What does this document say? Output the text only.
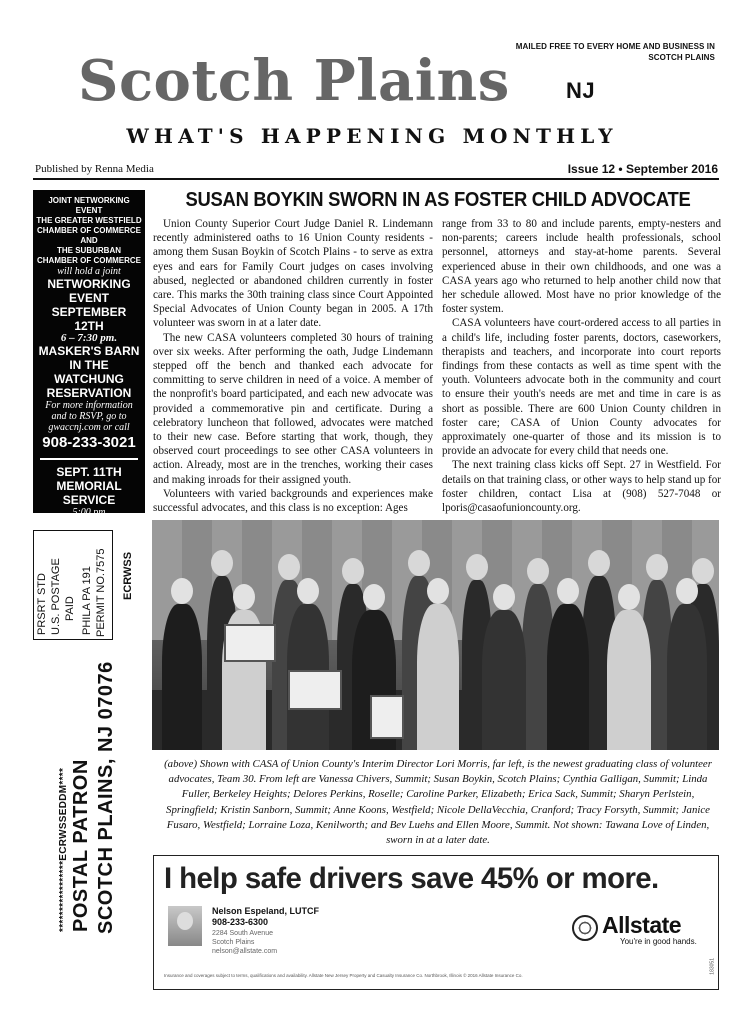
MAILED FREE TO EVERY HOME AND BUSINESS IN SCOTCH PLAINS
Scotch Plains	NJ
WHAT'S HAPPENING MONTHLY
Published by Renna Media	Issue 12 • September 2016
JOINT NETWORKING EVENT
THE GREATER WESTFIELD
CHAMBER OF COMMERCE
AND
THE SUBURBAN
CHAMBER OF COMMERCE
will hold a joint
NETWORKING EVENT
SEPTEMBER 12TH
6 – 7:30 pm.
MASKER'S BARN
IN THE WATCHUNG
RESERVATION
For more information
and to RSVP, go to
gwaccnj.com or call
908-233-3021
SEPT. 11TH
MEMORIAL SERVICE
5:00 pm
9/11 MEMORIAL
at the Alan Augustine
Green located at the
Municipal Building
PRSRT STD U.S. POSTAGE PAID PHILA PA 191 PERMIT NO.7575 ECRWSS
*****************ECRWSSEDDM**** POSTAL PATRON SCOTCH PLAINS, NJ 07076
SUSAN BOYKIN SWORN IN AS FOSTER CHILD ADVOCATE

Union County Superior Court Judge Daniel R. Lindemann recently administered oaths to 16 Union County residents - among them Susan Boykin of Scotch Plains - to serve as extra eyes and ears for Family Court judges on cases involving abused, neglected or abandoned children currently in foster care. This marks the 30th training class since Court Appointed Special Advocates of Union County began in 2005. A 17th volunteer was sworn in at a later date.

The new CASA volunteers completed 30 hours of training over six weeks. After performing the oath, Judge Lindemann stepped off the bench and thanked each advocate for committing to serve children in need of a voice. A member of the nonprofit's board participated, and each new advocate was provided a commemorative pin and certificate. During a celebratory luncheon that followed, advocates were matched to their new case. Before starting that work, though, they observed court proceedings to see other CASA volunteers in action. Already, most are in the trenches, working their cases and making inroads for their assigned youth.

Volunteers with varied backgrounds and experiences make successful advocates, and this class is no exception: Ages

range from 33 to 80 and include parents, empty-nesters and non-parents; careers include health professionals, school personnel, attorneys and stay-at-home parents. Several experienced abuse in their own childhoods, and one was a CASA years ago who returned to help another child now that her schedule allowed. Most have no prior knowledge of the foster system.

CASA volunteers have court-ordered access to all parties in a child's life, including foster parents, doctors, caseworkers, therapists and teachers, and incorporate into court reports findings from these contacts as well as time spent with the youth. Volunteers advocate both in the community and court to ensure their youth's needs are met and time in care is as short as possible. There are 600 Union County children in foster care; CASA of Union County advocates for approximately one-quarter of those and its mission is to provide an advocate for every child that needs one.

The next training class kicks off Sept. 27 in Westfield. For details on that training class, or other ways to help stand up for foster children, contact Lisa at (908) 527-7048 or lporis@casaofunioncounty.org.

(above) Shown with CASA of Union County's Interim Director Lori Morris, far left, is the newest graduating class of volunteer advocates, Team 30. From left are Vanessa Chivers, Summit; Susan Boykin, Scotch Plains; Cynthia Galligan, Summit; Linda Fuller, Berkeley Heights; Delores Perkins, Roselle; Caroline Parker, Elizabeth; Erica Sack, Summit; Sharyn Perlstein, Springfield; Kristin Sanborn, Summit; Anne Koons, Westfield; Nicole DellaVecchia, Cranford; Tracy Forsyth, Summit; Janice Fusaro, Westfield; Lorraine Loza, Kenilworth; and Bev Luehs and Ellen Moore, Summit. Not shown: Tawana Love of Linden, sworn in at a later date.
I help safe drivers save 45% or more.
Nelson Espeland, LUTCF
908-233-6300
2284 South Avenue
Scotch Plains
nelson@allstate.com
Allstate
You're in good hands.
183051
Insurance and coverages subject to terms, qualifications and availability. Allstate New Jersey Property and Casualty Insurance Co. Northbrook, Illinois © 2016 Allstate Insurance Co.
